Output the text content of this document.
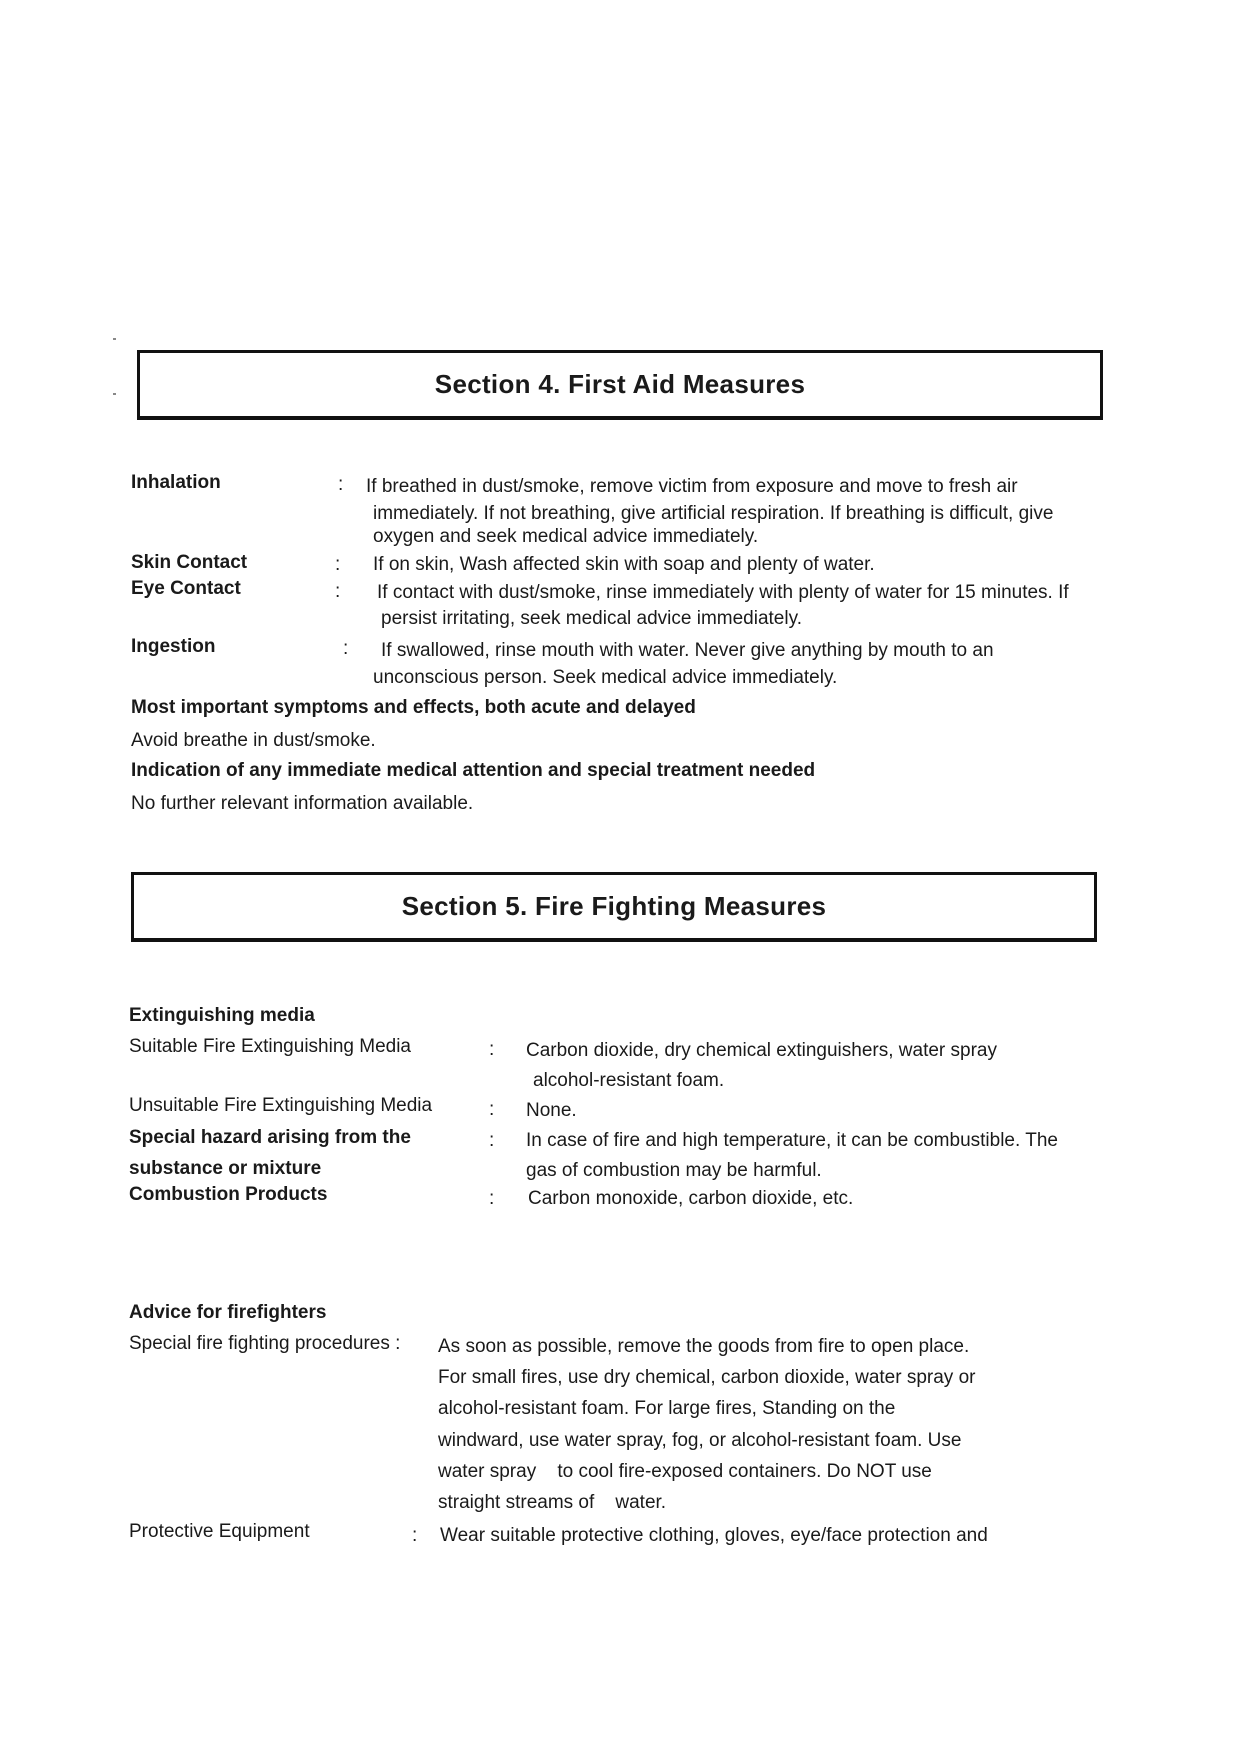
Section 4. First Aid Measures
Inhalation	: If breathed in dust/smoke, remove victim from exposure and move to fresh air
immediately. If not breathing, give artificial respiration. If breathing is difficult, give
oxygen and seek medical advice immediately.
Skin Contact	: If on skin, Wash affected skin with soap and plenty of water.
Eye Contact	: If contact with dust/smoke, rinse immediately with plenty of water for 15 minutes. If
persist irritating, seek medical advice immediately.
Ingestion	: If swallowed, rinse mouth with water. Never give anything by mouth to an
unconscious person. Seek medical advice immediately.
Most important symptoms and effects, both acute and delayed
Avoid breathe in dust/smoke.
Indication of any immediate medical attention and special treatment needed
No further relevant information available.
Section 5. Fire Fighting Measures
Extinguishing media
Suitable Fire Extinguishing Media	: Carbon dioxide, dry chemical extinguishers, water spray
alcohol-resistant foam.
Unsuitable Fire Extinguishing Media	: None.
Special hazard arising from the
substance or mixture
: In case of fire and high temperature, it can be combustible. The
gas of combustion may be harmful.
Combustion Products	: Carbon monoxide, carbon dioxide, etc.
Advice for firefighters
Special fire fighting procedures : As soon as possible, remove the goods from fire to open place.
For small fires, use dry chemical, carbon dioxide, water spray or
alcohol-resistant foam. For large fires, Standing on the
windward, use water spray, fog, or alcohol-resistant foam. Use
water spray    to cool fire-exposed containers. Do NOT use
straight streams of    water.
Protective Equipment	: Wear suitable protective clothing, gloves, eye/face protection and
